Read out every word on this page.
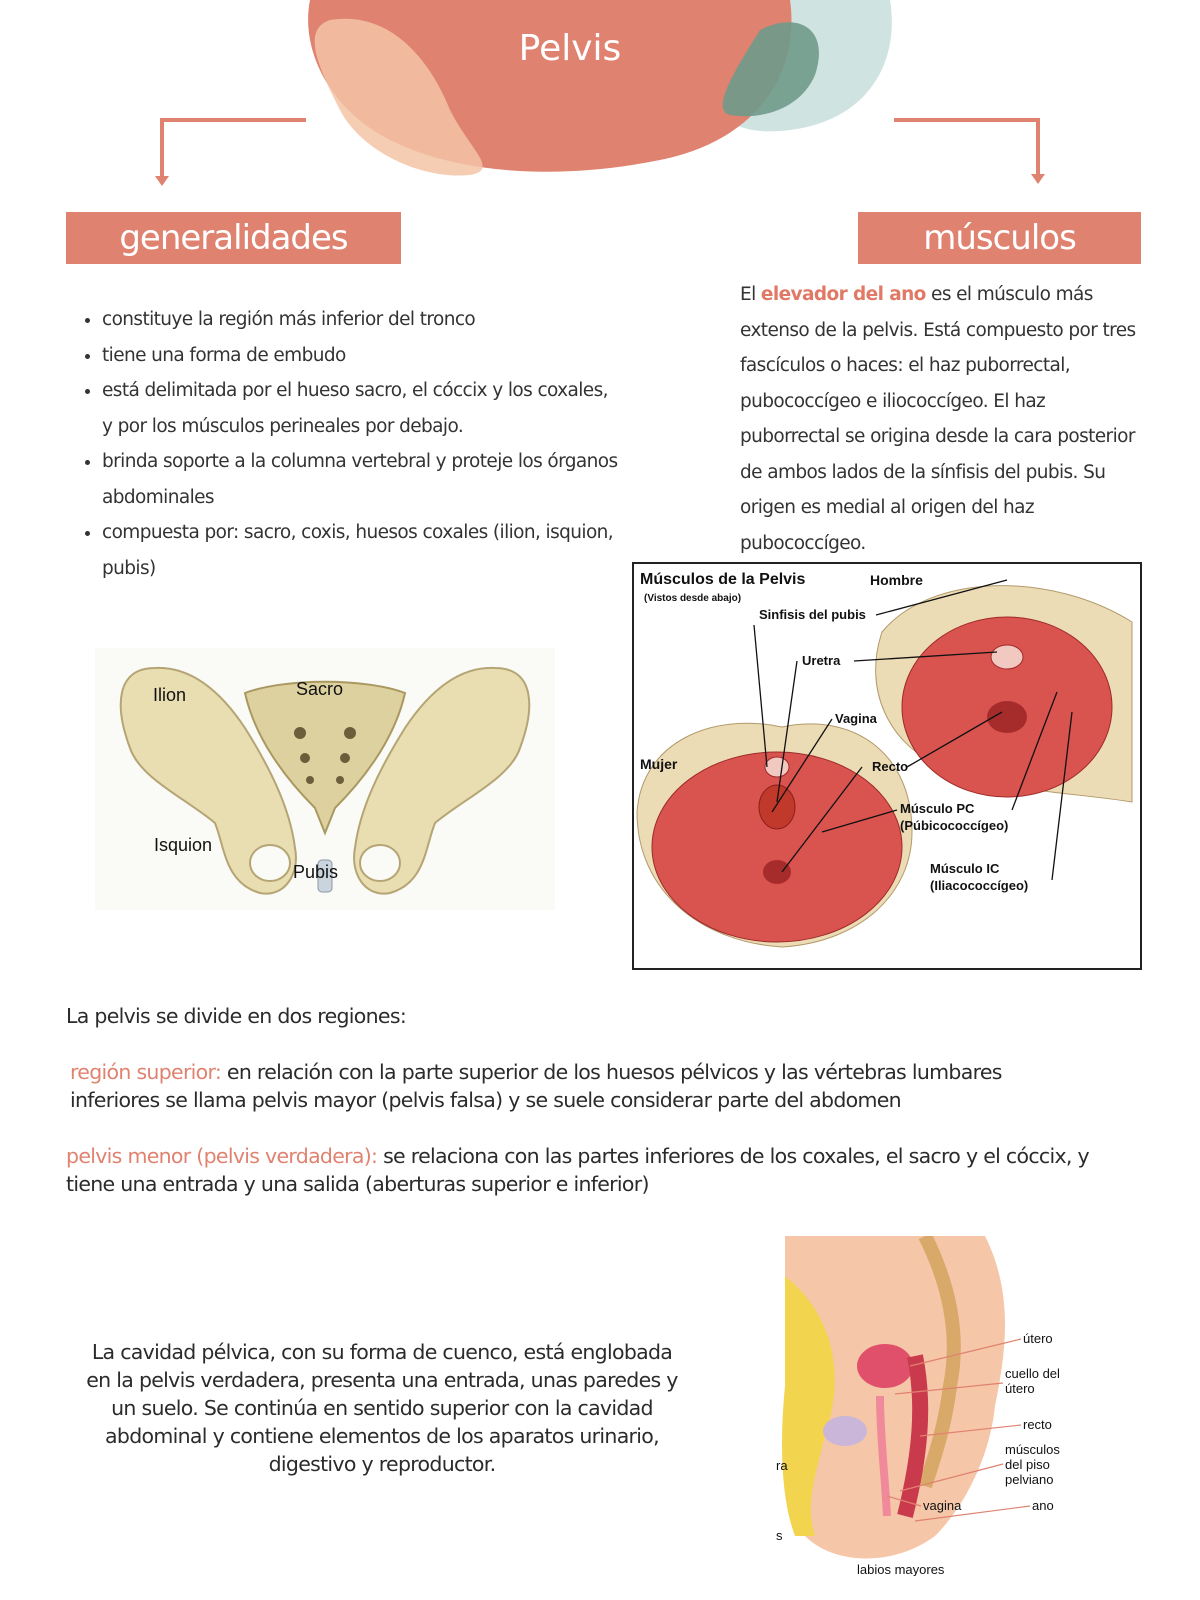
Pelvis
generalidades	músculos
• constituye la región más inferior del tronco
• tiene una forma de embudo
• está delimitada por el hueso sacro, el cóccix y los coxales, y por los músculos perineales por debajo.
• brinda soporte a la columna vertebral y proteje los órganos abdominales
• compuesta por: sacro, coxis, huesos coxales (ilion, isquion, pubis)

El elevador del ano es el músculo más extenso de la pelvis. Está compuesto por tres fascículos o haces: el haz puborrectal, pubococcígeo e iliococcígeo. El haz puborrectal se origina desde la cara posterior de ambos lados de la sínfisis del pubis. Su origen es medial al origen del haz pubococcígeo.

Ilion	Sacro
Isquion
Pubis
Músculos de la Pelvis
(Vistos desde abajo)
Hombre
Mujer
Sinfisis del pubis
Uretra
Vagina
Recto
Músculo PC
(Púbicococcígeo)
Músculo IC
(Iliacococcígeo)

La pelvis se divide en dos regiones:

región superior: en relación con la parte superior de los huesos pélvicos y las vértebras lumbares inferiores se llama pelvis mayor (pelvis falsa) y se suele considerar parte del abdomen

pelvis menor (pelvis verdadera): se relaciona con las partes inferiores de los coxales, el sacro y el cóccix, y tiene una entrada y una salida (aberturas superior e inferior)

La cavidad pélvica, con su forma de cuenco, está englobada en la pelvis verdadera, presenta una entrada, unas paredes y un suelo. Se continúa en sentido superior con la cavidad abdominal y contiene elementos de los aparatos urinario, digestivo y reproductor.

útero
cuello del
útero
recto
músculos
del piso
pelviano
ano
vagina
labios mayores
ra
s
